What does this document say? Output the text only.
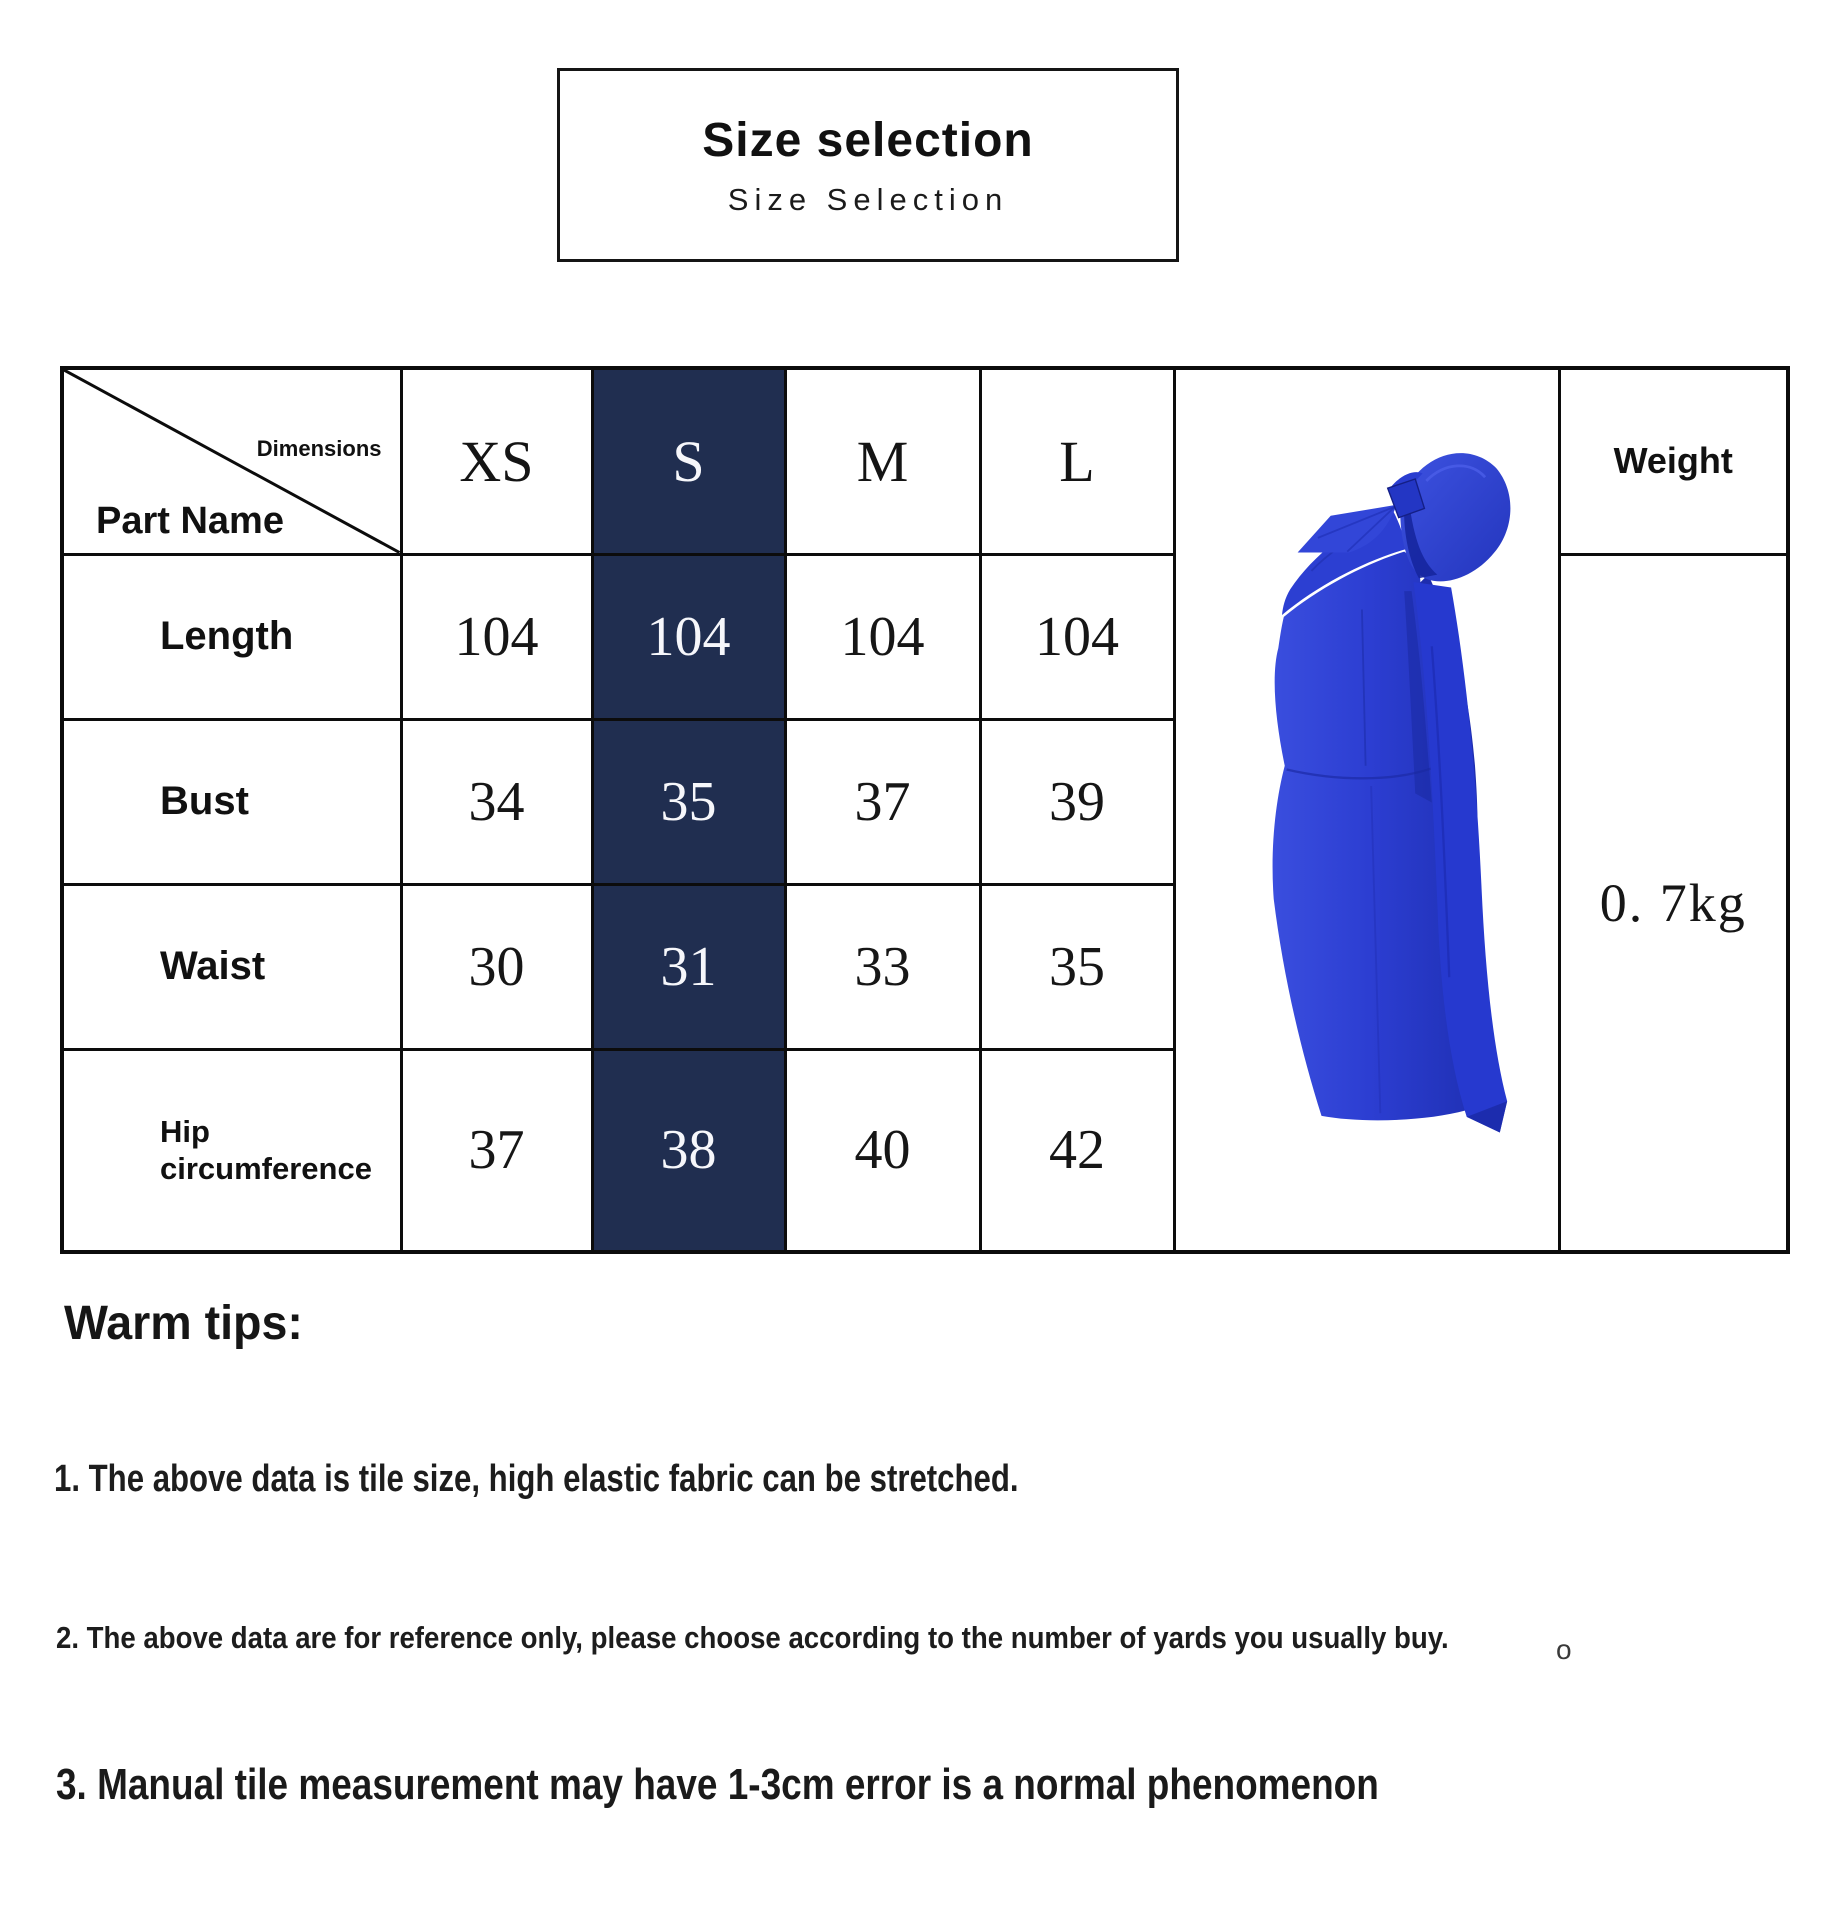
Size selection
Size Selection
Dimensions
Part Name	XS	S	M	L		Weight
Length	104	104	104	104		0. 7kg
Bust	34	35	37	39		
Waist	30	31	33	35		
Hip circumference	37	38	40	42		
Warm tips:
1. The above data is tile size, high elastic fabric can be stretched.
2. The above data are for reference only, please choose according to the number of yards you usually buy.
3. Manual tile measurement may have 1-3cm error is a normal phenomenon
o
